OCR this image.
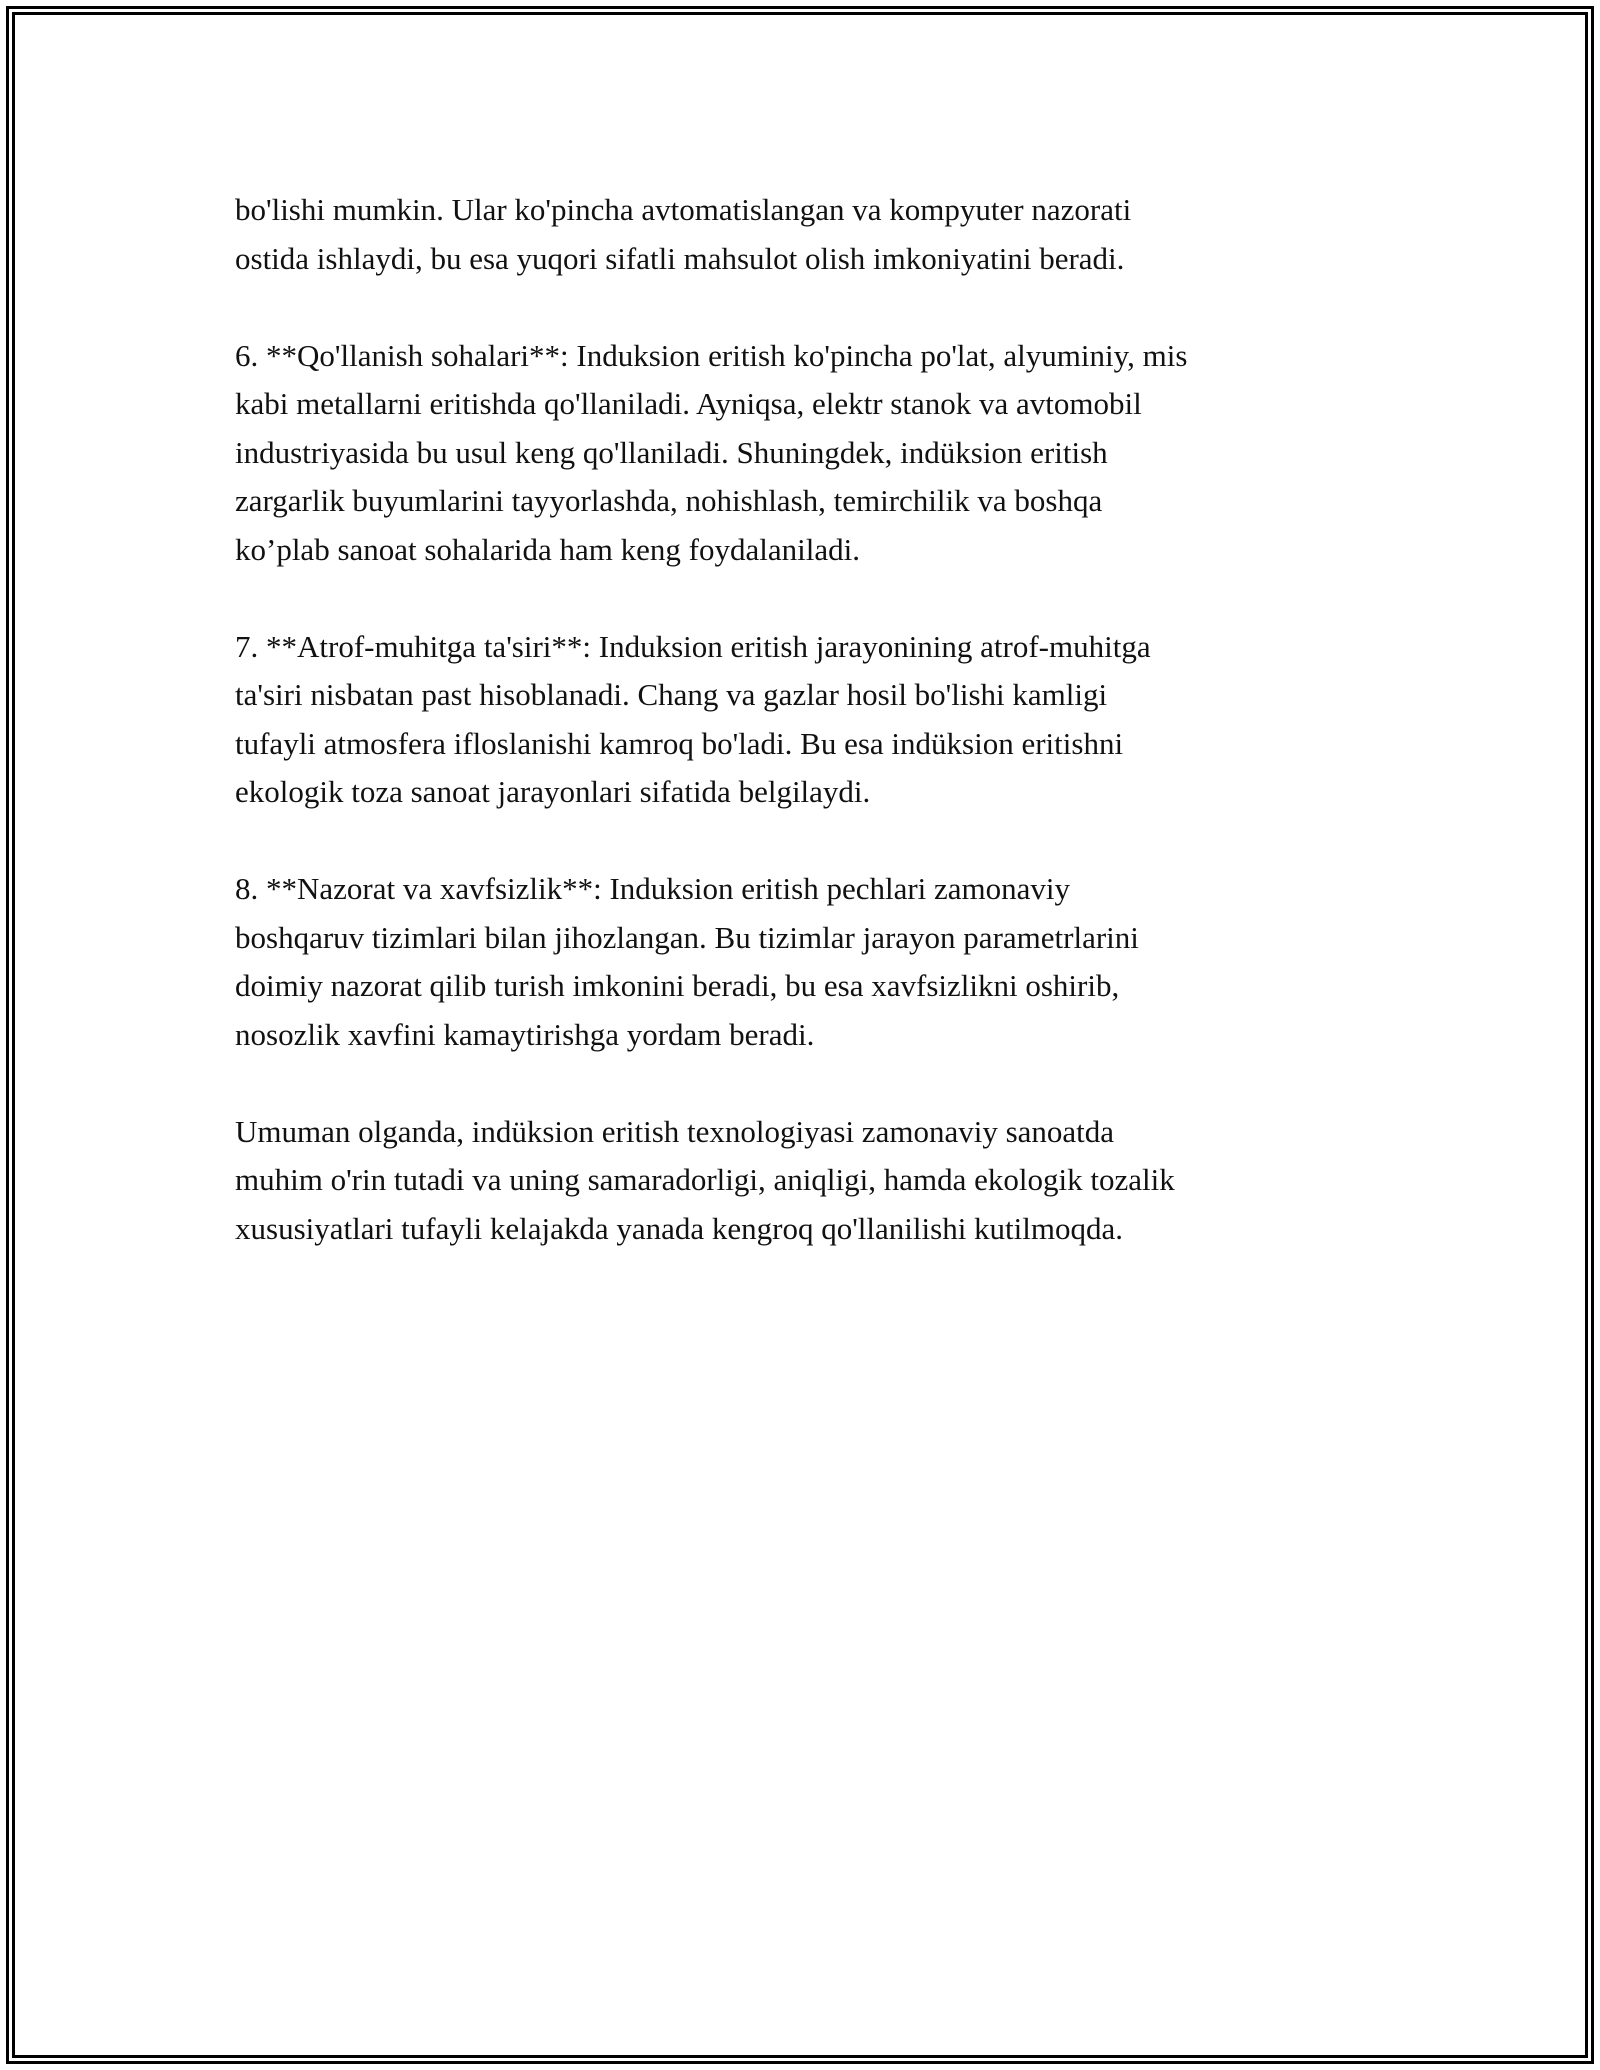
bo'lishi mumkin. Ular ko'pincha avtomatislangan va kompyuter nazorati
ostida ishlaydi, bu esa yuqori sifatli mahsulot olish imkoniyatini beradi.

6. **Qo'llanish sohalari**: Induksion eritish ko'pincha po'lat, alyuminiy, mis
kabi metallarni eritishda qo'llaniladi. Ayniqsa, elektr stanok va avtomobil
industriyasida bu usul keng qo'llaniladi. Shuningdek, indüksion eritish
zargarlik buyumlarini tayyorlashda, nohishlash, temirchilik va boshqa
ko’plab sanoat sohalarida ham keng foydalaniladi.

7. **Atrof-muhitga ta'siri**: Induksion eritish jarayonining atrof-muhitga
ta'siri nisbatan past hisoblanadi. Chang va gazlar hosil bo'lishi kamligi
tufayli atmosfera ifloslanishi kamroq bo'ladi. Bu esa indüksion eritishni
ekologik toza sanoat jarayonlari sifatida belgilaydi.

8. **Nazorat va xavfsizlik**: Induksion eritish pechlari zamonaviy
boshqaruv tizimlari bilan jihozlangan. Bu tizimlar jarayon parametrlarini
doimiy nazorat qilib turish imkonini beradi, bu esa xavfsizlikni oshirib,
nosozlik xavfini kamaytirishga yordam beradi.

Umuman olganda, indüksion eritish texnologiyasi zamonaviy sanoatda
muhim o'rin tutadi va uning samaradorligi, aniqligi, hamda ekologik tozalik
xususiyatlari tufayli kelajakda yanada kengroq qo'llanilishi kutilmoqda.
